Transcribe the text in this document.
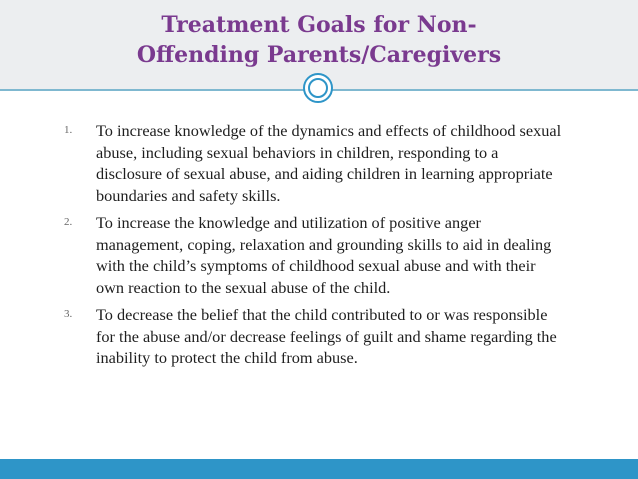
Treatment Goals for Non-
Offending Parents/Caregivers
1. To increase knowledge of the dynamics and effects of childhood sexual abuse, including sexual behaviors in children, responding to a disclosure of sexual abuse, and aiding children in learning appropriate boundaries and safety skills.
2. To increase the knowledge and utilization of positive anger management, coping, relaxation and grounding skills to aid in dealing with the child’s symptoms of childhood sexual abuse and with their own reaction to the sexual abuse of the child.
3. To decrease the belief that the child contributed to or was responsible for the abuse and/or decrease feelings of guilt and shame regarding the inability to protect the child from abuse.
